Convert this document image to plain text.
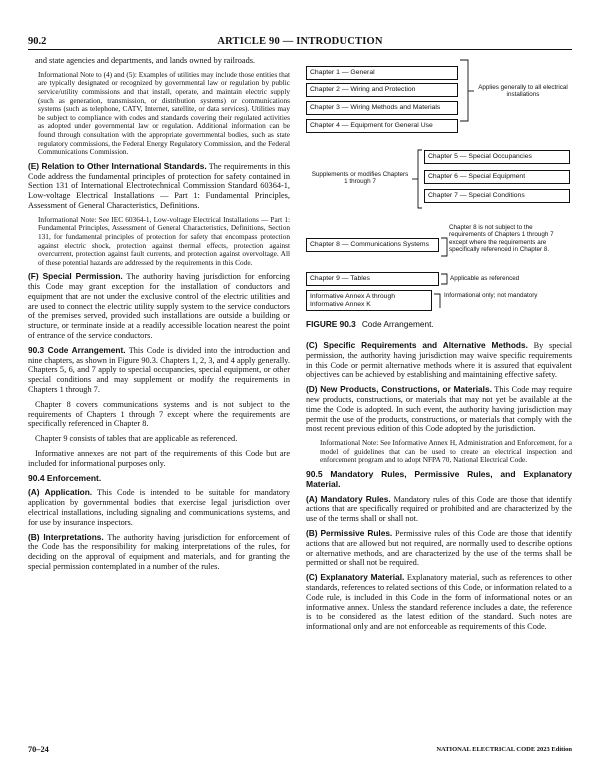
90.2	ARTICLE 90 — INTRODUCTION

and state agencies and departments, and lands owned by railroads.

Informational Note to (4) and (5): Examples of utilities may include those entities that are typically designated or recognized by governmental law or regulation by public service/utility commissions and that install, operate, and maintain electric supply (such as generation, transmission, or distribution systems) or communications systems (such as telephone, CATV, Internet, satellite, or data services). Utilities may be subject to compliance with codes and standards covering their regulated activities as adopted under governmental law or regulation. Additional information can be found through consultation with the appropriate governmental bodies, such as state regulatory commissions, the Federal Energy Regulatory Commission, and the Federal Communications Commission.

(E) Relation to Other International Standards. The requirements in this Code address the fundamental principles of protection for safety contained in Section 131 of International Electrotechnical Commission Standard 60364-1, Low-voltage Electrical Installations — Part 1: Fundamental Principles, Assessment of General Characteristics, Definitions.

Informational Note: See IEC 60364-1, Low-voltage Electrical Installations — Part 1: Fundamental Principles, Assessment of General Characteristics, Definitions, Section 131, for fundamental principles of protection for safety that encompass protection against electric shock, protection against thermal effects, protection against overcurrent, protection against fault currents, and protection against overvoltage. All of these potential hazards are addressed by the requirements in this Code.

(F) Special Permission. The authority having jurisdiction for enforcing this Code may grant exception for the installation of conductors and equipment that are not under the exclusive control of the electric utilities and are used to connect the electric utility supply system to the service conductors of the premises served, provided such installations are outside a building or structure, or terminate inside at a readily accessible location nearest the point of entrance of the service conductors.

90.3 Code Arrangement. This Code is divided into the introduction and nine chapters, as shown in Figure 90.3. Chapters 1, 2, 3, and 4 apply generally. Chapters 5, 6, and 7 apply to special occupancies, special equipment, or other special conditions and may supplement or modify the requirements in Chapters 1 through 7.

Chapter 8 covers communications systems and is not subject to the requirements of Chapters 1 through 7 except where the requirements are specifically referenced in Chapter 8.

Chapter 9 consists of tables that are applicable as referenced.

Informative annexes are not part of the requirements of this Code but are included for informational purposes only.

90.4 Enforcement.

(A) Application. This Code is intended to be suitable for mandatory application by governmental bodies that exercise legal jurisdiction over electrical installations, including signaling and communications systems, and for use by insurance inspectors.

(B) Interpretations. The authority having jurisdiction for enforcement of the Code has the responsibility for making interpretations of the rules, for deciding on the approval of equipment and materials, and for granting the special permission contemplated in a number of the rules.

Chapter 1 — General
Chapter 2 — Wiring and Protection
Chapter 3 — Wiring Methods and Materials
Chapter 4 — Equipment for General Use
Applies generally to all electrical installations
Chapter 5 — Special Occupancies
Chapter 6 — Special Equipment
Chapter 7 — Special Conditions
Supplements or modifies Chapters 1 through 7
Chapter 8 — Communications Systems
Chapter 8 is not subject to the requirements of Chapters 1 through 7 except where the requirements are specifically referenced in Chapter 8.
Chapter 9 — Tables	Applicable as referenced
Informative Annex A through
Informative Annex K
Informational only; not mandatory
FIGURE 90.3 Code Arrangement.

(C) Specific Requirements and Alternative Methods. By special permission, the authority having jurisdiction may waive specific requirements in this Code or permit alternative methods where it is assured that equivalent objectives can be achieved by establishing and maintaining effective safety.

(D) New Products, Constructions, or Materials. This Code may require new products, constructions, or materials that may not yet be available at the time the Code is adopted. In such event, the authority having jurisdiction may permit the use of the products, constructions, or materials that comply with the most recent previous edition of this Code adopted by the jurisdiction.

Informational Note: See Informative Annex H, Administration and Enforcement, for a model of guidelines that can be used to create an electrical inspection and enforcement program and to adopt NFPA 70, National Electrical Code.

90.5 Mandatory Rules, Permissive Rules, and Explanatory Material.

(A) Mandatory Rules. Mandatory rules of this Code are those that identify actions that are specifically required or prohibited and are characterized by the use of the terms shall or shall not.

(B) Permissive Rules. Permissive rules of this Code are those that identify actions that are allowed but not required, are normally used to describe options or alternative methods, and are characterized by the use of the terms shall be permitted or shall not be required.

(C) Explanatory Material. Explanatory material, such as references to other standards, references to related sections of this Code, or information related to a Code rule, is included in this Code in the form of informational notes or an informative annex. Unless the standard reference includes a date, the reference is to be considered as the latest edition of the standard. Such notes are informational only and are not enforceable as requirements of this Code.

70–24	NATIONAL ELECTRICAL CODE 2023 Edition
